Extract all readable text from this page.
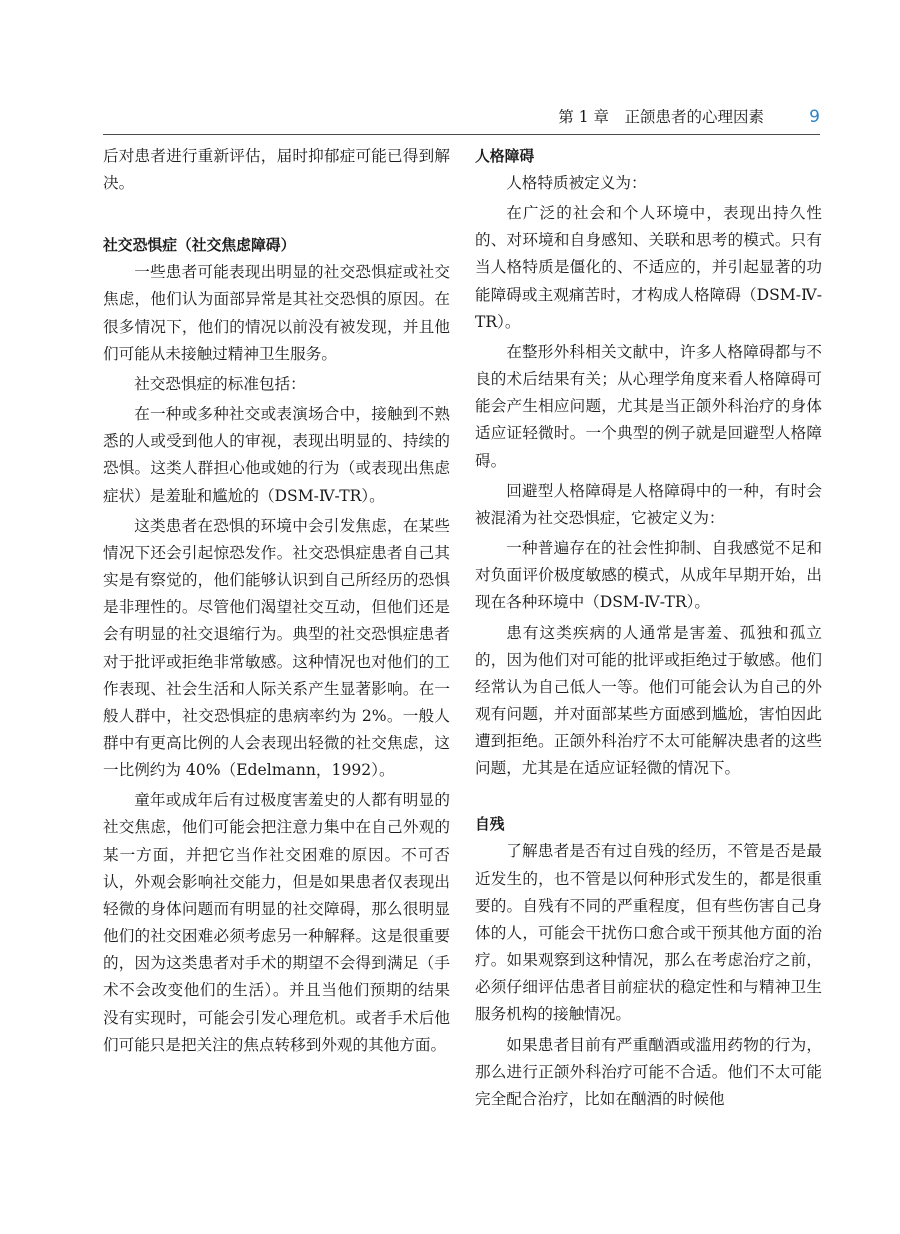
第 1 章　正颌患者的心理因素	9

后对患者进行重新评估，届时抑郁症可能已得到解决。

社交恐惧症（社交焦虑障碍）

一些患者可能表现出明显的社交恐惧症或社交焦虑，他们认为面部异常是其社交恐惧的原因。在很多情况下，他们的情况以前没有被发现，并且他们可能从未接触过精神卫生服务。

社交恐惧症的标准包括：

在一种或多种社交或表演场合中，接触到不熟悉的人或受到他人的审视，表现出明显的、持续的恐惧。这类人群担心他或她的行为（或表现出焦虑症状）是羞耻和尴尬的（DSM-Ⅳ-TR）。

这类患者在恐惧的环境中会引发焦虑，在某些情况下还会引起惊恐发作。社交恐惧症患者自己其实是有察觉的，他们能够认识到自己所经历的恐惧是非理性的。尽管他们渴望社交互动，但他们还是会有明显的社交退缩行为。典型的社交恐惧症患者对于批评或拒绝非常敏感。这种情况也对他们的工作表现、社会生活和人际关系产生显著影响。在一般人群中，社交恐惧症的患病率约为 2%。一般人群中有更高比例的人会表现出轻微的社交焦虑，这一比例约为 40%（Edelmann，1992）。

童年或成年后有过极度害羞史的人都有明显的社交焦虑，他们可能会把注意力集中在自己外观的某一方面，并把它当作社交困难的原因。不可否认，外观会影响社交能力，但是如果患者仅表现出轻微的身体问题而有明显的社交障碍，那么很明显他们的社交困难必须考虑另一种解释。这是很重要的，因为这类患者对手术的期望不会得到满足（手术不会改变他们的生活）。并且当他们预期的结果没有实现时，可能会引发心理危机。或者手术后他们可能只是把关注的焦点转移到外观的其他方面。

人格障碍

人格特质被定义为：

在广泛的社会和个人环境中，表现出持久性的、对环境和自身感知、关联和思考的模式。只有当人格特质是僵化的、不适应的，并引起显著的功能障碍或主观痛苦时，才构成人格障碍（DSM-Ⅳ-TR）。

在整形外科相关文献中，许多人格障碍都与不良的术后结果有关；从心理学角度来看人格障碍可能会产生相应问题，尤其是当正颌外科治疗的身体适应证轻微时。一个典型的例子就是回避型人格障碍。

回避型人格障碍是人格障碍中的一种，有时会被混淆为社交恐惧症，它被定义为：

一种普遍存在的社会性抑制、自我感觉不足和对负面评价极度敏感的模式，从成年早期开始，出现在各种环境中（DSM-Ⅳ-TR）。

患有这类疾病的人通常是害羞、孤独和孤立的，因为他们对可能的批评或拒绝过于敏感。他们经常认为自己低人一等。他们可能会认为自己的外观有问题，并对面部某些方面感到尴尬，害怕因此遭到拒绝。正颌外科治疗不太可能解决患者的这些问题，尤其是在适应证轻微的情况下。

自残

了解患者是否有过自残的经历，不管是否是最近发生的，也不管是以何种形式发生的，都是很重要的。自残有不同的严重程度，但有些伤害自己身体的人，可能会干扰伤口愈合或干预其他方面的治疗。如果观察到这种情况，那么在考虑治疗之前，必须仔细评估患者目前症状的稳定性和与精神卫生服务机构的接触情况。

如果患者目前有严重酗酒或滥用药物的行为，那么进行正颌外科治疗可能不合适。他们不太可能完全配合治疗，比如在酗酒的时候他
